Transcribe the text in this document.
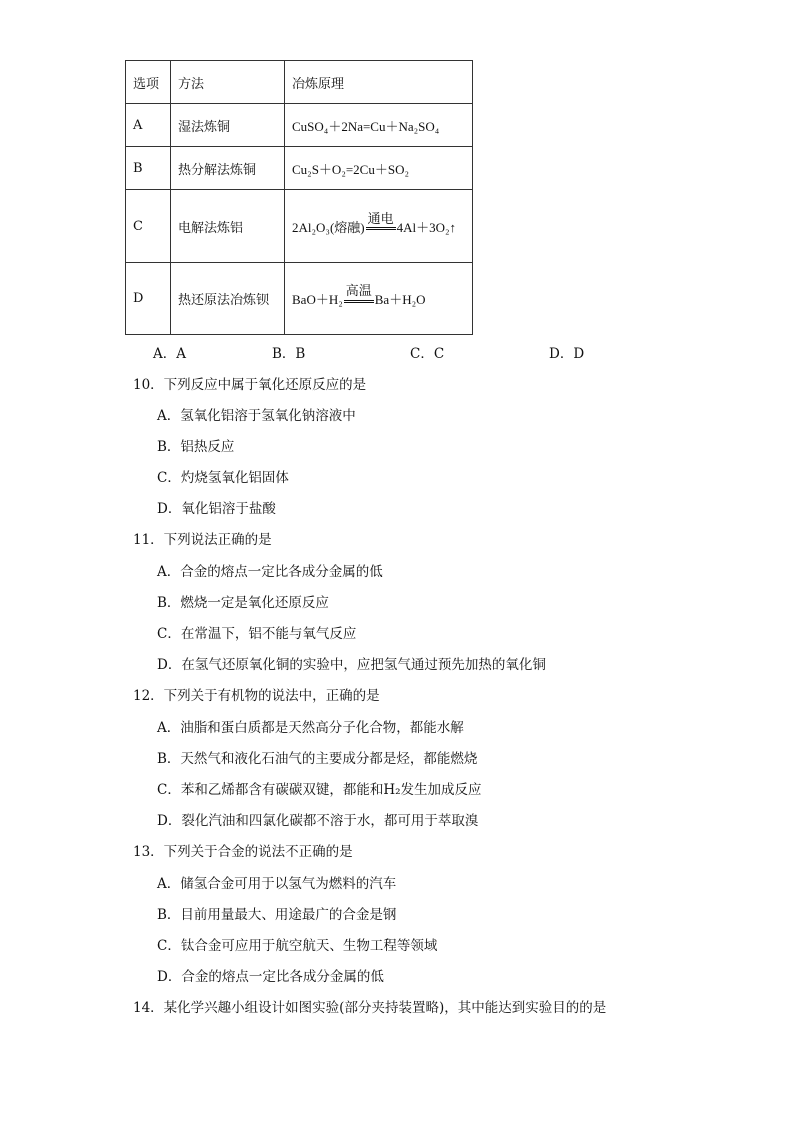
选项	方法	冶炼原理
A	湿法炼铜	CuSO₄＋2Na=Cu＋Na₂SO₄
B	热分解法炼铜	Cu₂S＋O₂=2Cu＋SO₂
C	电解法炼铝	2Al₂O₃(熔融)
通电
4Al＋3O₂↑
D	热还原法冶炼钡	BaO＋H₂
高温
Ba＋H₂O
A．A	B．B	C．C	D．D
10．下列反应中属于氧化还原反应的是
A．氢氧化铝溶于氢氧化钠溶液中
B．铝热反应
C．灼烧氢氧化铝固体
D．氧化铝溶于盐酸
11．下列说法正确的是
A．合金的熔点一定比各成分金属的低
B．燃烧一定是氧化还原反应
C．在常温下，铝不能与氧气反应
D．在氢气还原氧化铜的实验中，应把氢气通过预先加热的氧化铜
12．下列关于有机物的说法中，正确的是
A．油脂和蛋白质都是天然高分子化合物，都能水解
B．天然气和液化石油气的主要成分都是烃，都能燃烧
C．苯和乙烯都含有碳碳双键，都能和H₂发生加成反应
D．裂化汽油和四氯化碳都不溶于水，都可用于萃取溴
13．下列关于合金的说法不正确的是
A．储氢合金可用于以氢气为燃料的汽车
B．目前用量最大、用途最广的合金是钢
C．钛合金可应用于航空航天、生物工程等领域
D．合金的熔点一定比各成分金属的低
14．某化学兴趣小组设计如图实验(部分夹持装置略)，其中能达到实验目的的是
